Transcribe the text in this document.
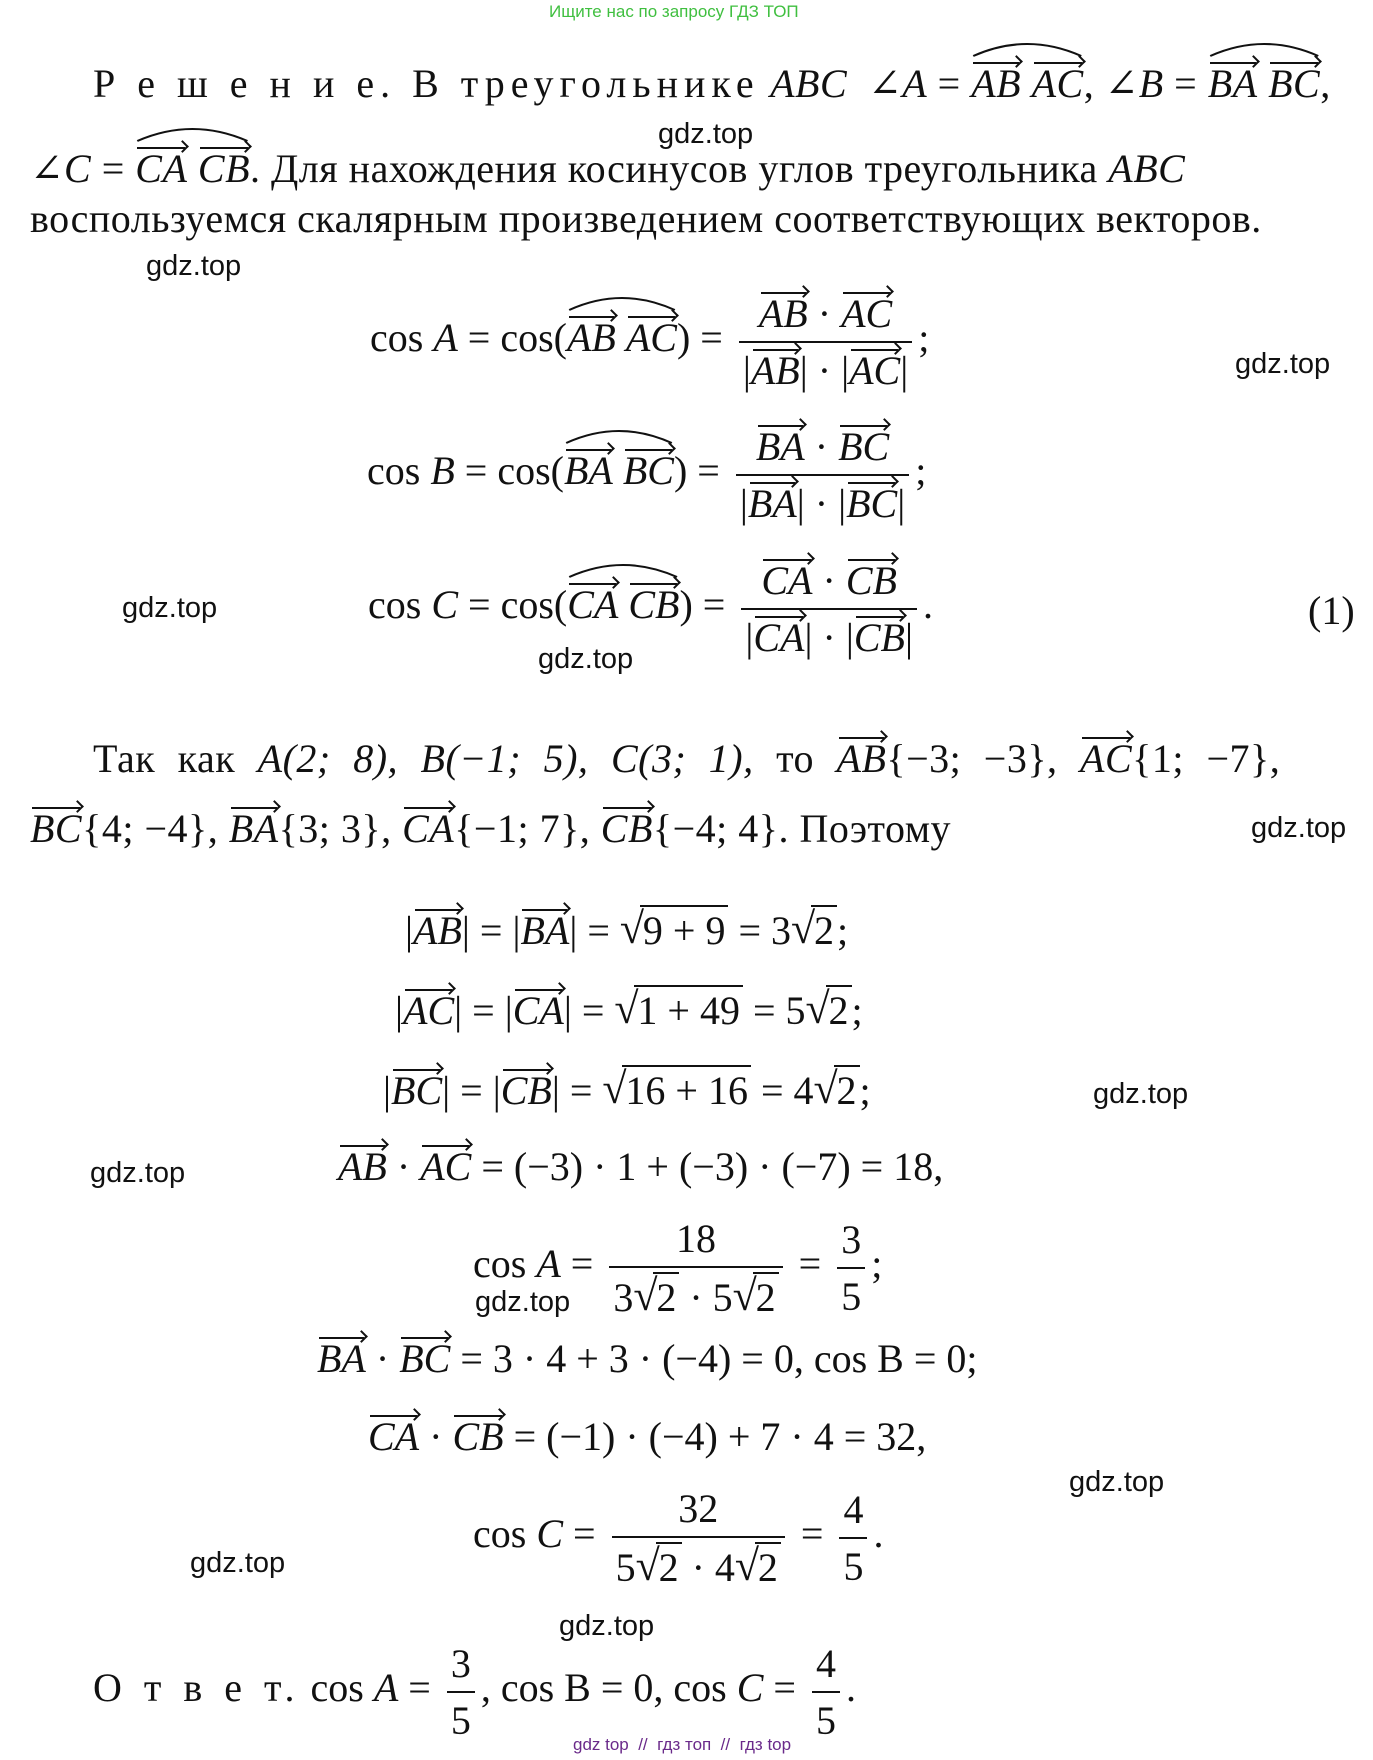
Ищите нас по запросу ГДЗ ТОП
Р е ш е н и е. В треугольнике ABC  ∠A =
AB AC, ∠B =
BA BC,
gdz.top
∠C =
CA CB. Для нахождения косинусов углов треугольника ABC
воспользуемся скалярным произведением соответствующих векторов.
gdz.top
cos A = cos(
AB $AC) = \frac{AB \cdot AC}{|AB| \cdot |AC|}$ ;
gdz.top
cos B = cos(
BA $BC) = \frac{BA \cdot BC}{|BA| \cdot |BC|}$ ;
gdz.top	cos C = cos(
CA $CB) = \frac{CA \cdot CB}{|CA| \cdot |CB|}$ .	(1)
gdz.top
Так как A(2; 8), B(−1; 5), C(3; 1), то AB{−3; −3}, AC{1; −7},
BC{4; −4}, BA{3; 3}, CA{−1; 7}, CB{−4; 4}. Поэтому	gdz.top
|AB| = |BA| = √
9 + 9 = 3 √
2;
|AC| = |CA| = √
1 + 49 = 5 √
2;
|BC| = |CB| = √
16 + 16 = 4 √
2;	gdz.top
gdz.top	AB · AC = (−3) · 1 + (−3) · (−7) = 18,
cos A = 18
3 √
2 · 5 √
$2 = \frac{3}{5}$ ;
gdz.top
BA · BC = 3 · 4 + 3 · (−4) = 0, cos B = 0;
CA · CB = (−1) · (−4) + 7 · 4 = 32,
gdz.top
cos C = 32
5 √
2 · 4 √
$2 = \frac{4}{5}$ .
gdz.top
gdz.top
О т в е т. $\cos A = \frac{3}{5}$ , cos B = 0, $\cos C = \frac{4}{5}$ .
gdz top  //  гдз топ  //  гдз top
